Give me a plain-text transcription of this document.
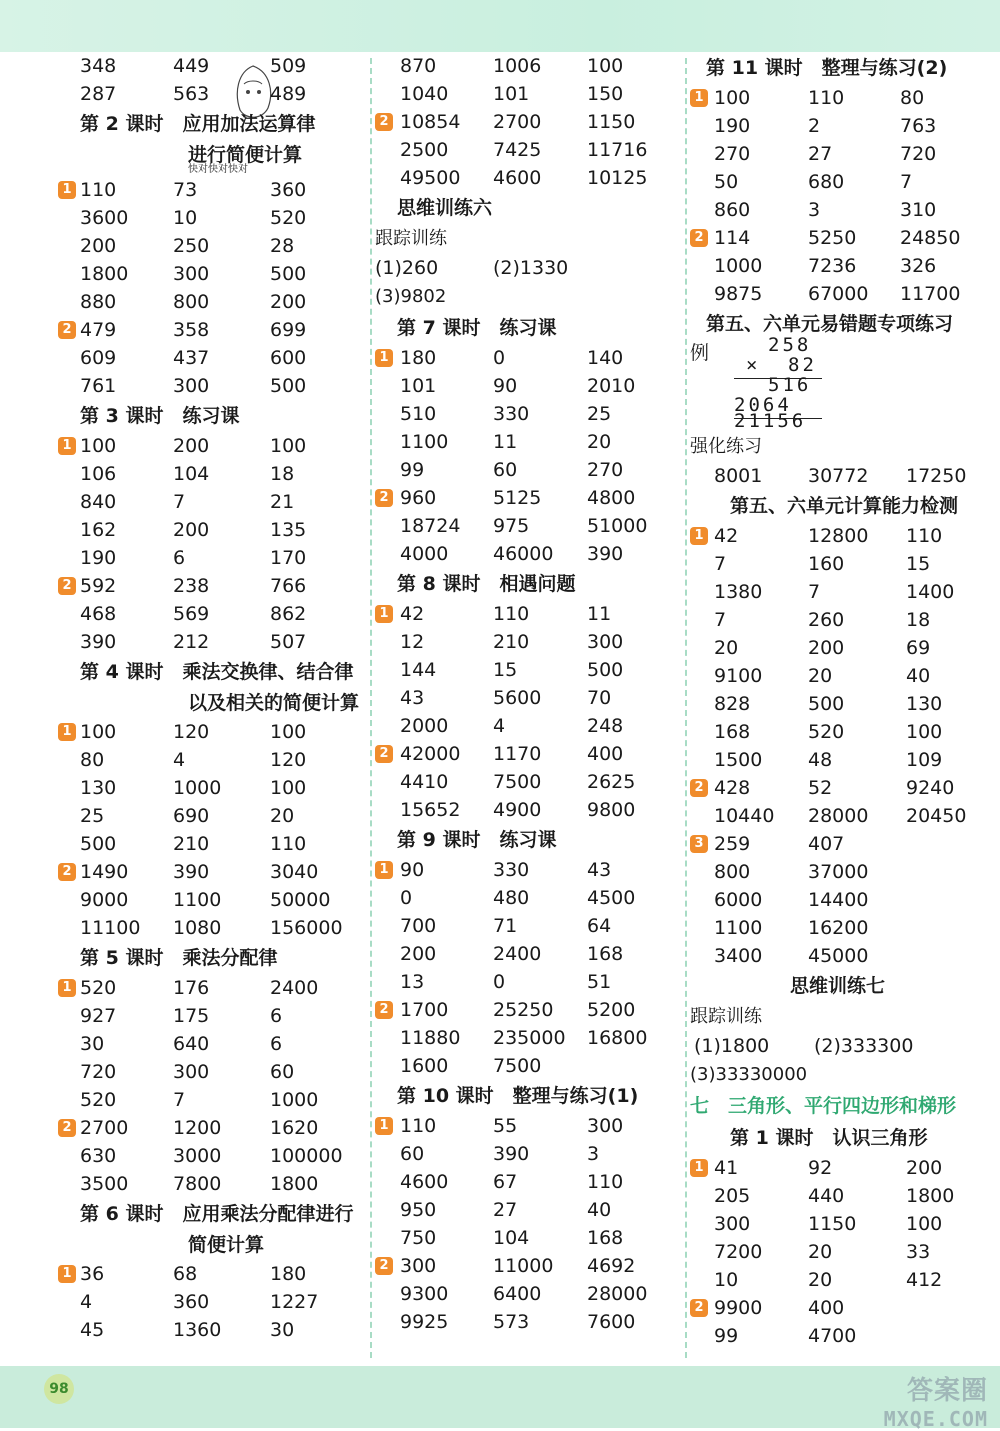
348	449	509
287	563	489
第 2 课时　应用加法运算律
进行简便计算
快对快对快对
1 110	73	360
3600 10	520
200	250	28
1800 300	500
880	800	200
2 479	358	699
609	437	600
761	300	500
第 3 课时　练习课
1 100	200	100
106	104	18
840	7	21
162	200	135
190	6	170
2 592	238	766
468	569	862
390	212	507
第 4 课时　乘法交换律、结合律
以及相关的简便计算
1 100	120	100
80	4	120
130	1000	100
25	690	20
500	210	110
2 1490 390	3040
9000 1100	50000
11100 1080	156000
第 5 课时　乘法分配律
1 520	176	2400
927	175	6
30	640	6
720	300	60
520	7	1000
2 2700 1200	1620
630	3000	100000
3500 7800	1800
第 6 课时　应用乘法分配律进行
简便计算
1 36	68	180
4	360	1227
45	1360	30
870	1006 100
1040 101	150
2 10854 2700 1150
2500 7425 11716
49500 4600 10125
思维训练六
跟踪训练
(1)260	(2)1330
(3)9802
第 7 课时　练习课
1 180	0	140
101	90	2010
510	330	25
1100 11	20
99	60	270
2 960	5125 4800
18724 975	51000
4000 46000 390
第 8 课时　相遇问题
1 42	110	11
12	210	300
144	15	500
43	5600 70
2000 4	248
2 42000 1170 400
4410 7500 2625
15652 4900 9800
第 9 课时　练习课
1 90	330	43
0	480	4500
700	71	64
200	2400 168
13	0	51
2 1700 25250 5200
11880 235000 16800
1600 7500
第 10 课时　整理与练习(1)
1 110	55	300
60	390	3
4600 67	110
950	27	40
750	104	168
2 300	11000 4692
9300 6400 28000
9925 573	7600
第 11 课时　整理与练习(2)
1 100	110	80
190	2	763
270	27	720
50	680	7
860	3	310
2 114	5250 24850
1000 7236 326
9875 67000 11700
第五、六单元易错题专项练习
例	258
× 82
516
2064
21156
强化练习
8001 30772 17250
第五、六单元计算能力检测
1 42	12800 110
7	160	15
1380 7	1400
7	260	18
20	200	69
9100 20	40
828	500	130
168	520	100
1500 48	109
2 428	52	9240
10440 28000 20450
3 259	407
800	37000
6000 14400
1100 16200
3400 45000
思维训练七
跟踪训练
(1)1800 (2)333300
(3)33330000
七　三角形、平行四边形和梯形
第 1 课时　认识三角形
1 41	92	200
205	440	1800
300	1150	100
7200 20	33
10	20	412
2 9900 400
99	4700
98	答案圈
MXQE.COM
